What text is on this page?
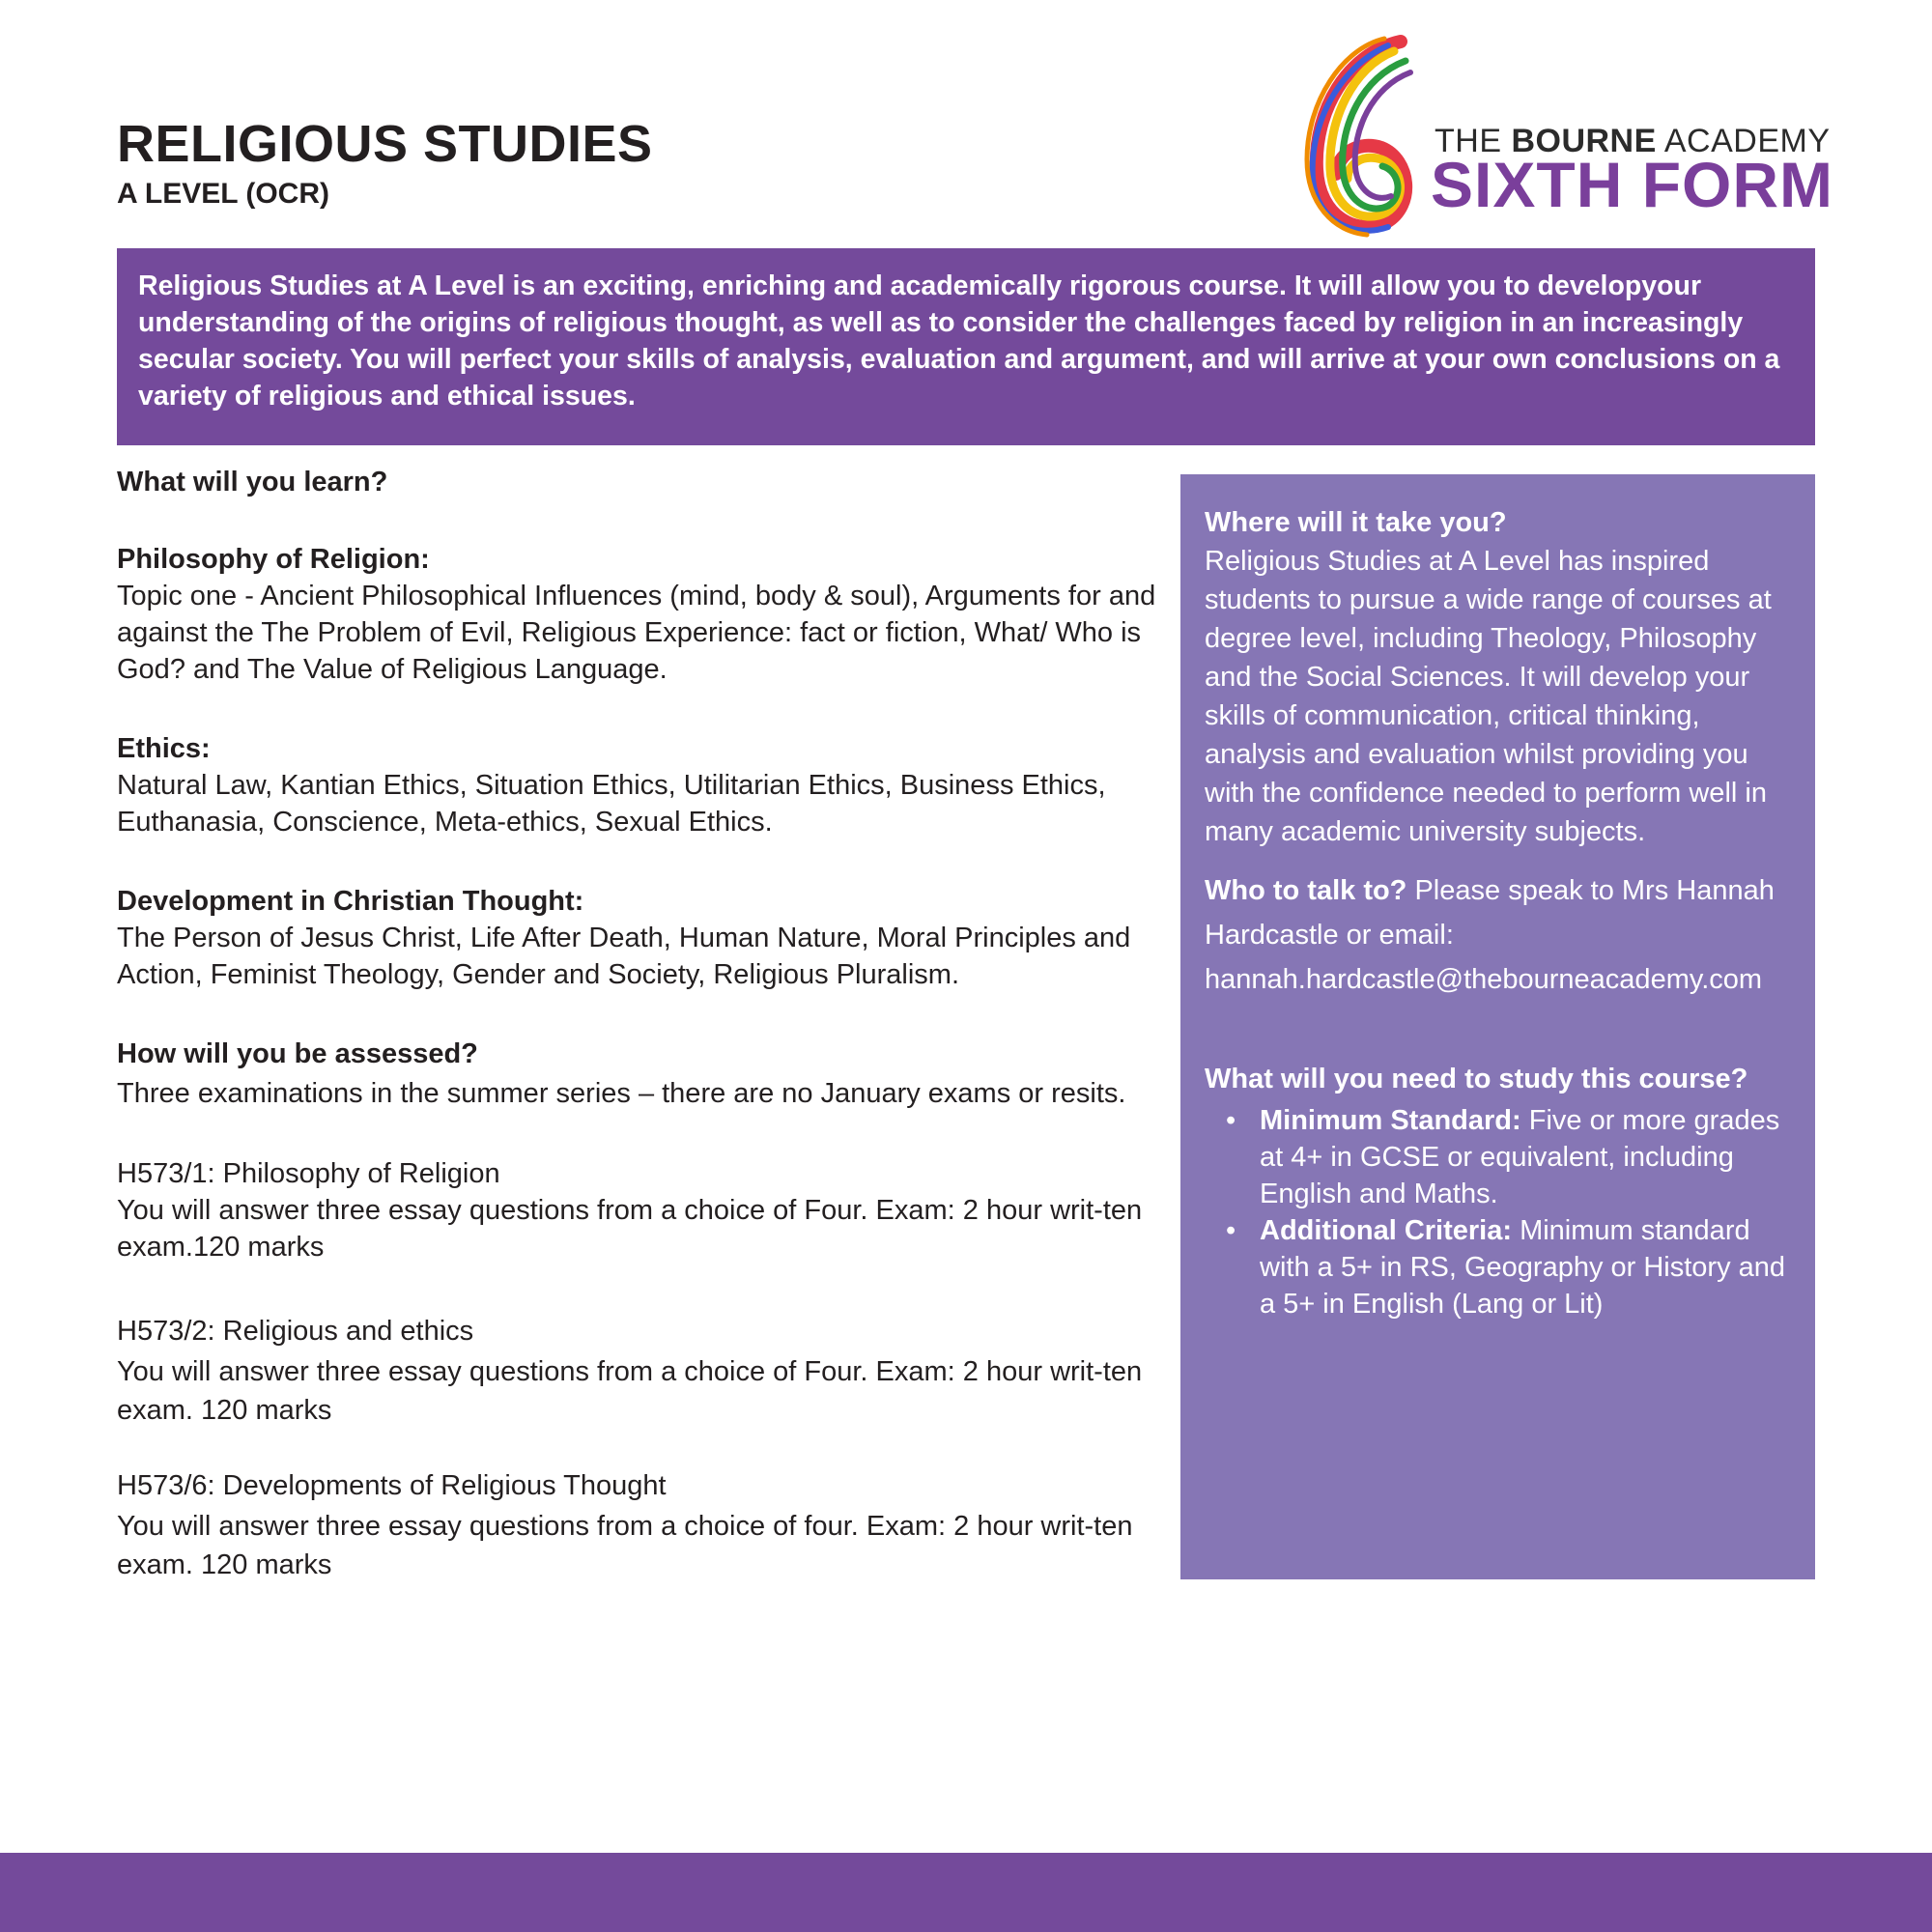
RELIGIOUS STUDIES
A LEVEL (OCR)
THE BOURNE ACADEMY
SIXTH FORM
Religious Studies at A Level is an exciting, enriching and academically rigorous course. It will allow you to developyour understanding of the origins of religious thought, as well as to consider the challenges faced by religion in an increasingly secular society. You will perfect your skills of analysis, evaluation and argument, and will arrive at your own conclusions on a variety of religious and ethical issues.

What will you learn?

Philosophy of Religion:

Topic one - Ancient Philosophical Influences (mind, body & soul), Arguments for and against the The Problem of Evil, Religious Experience: fact or fiction, What/ Who is God? and The Value of Religious Language.

Ethics:

Natural Law, Kantian Ethics, Situation Ethics, Utilitarian Ethics, Business Ethics, Euthanasia, Conscience, Meta-ethics, Sexual Ethics.

Development in Christian Thought:

The Person of Jesus Christ, Life After Death, Human Nature, Moral Principles and Action, Feminist Theology, Gender and Society, Religious Pluralism.

How will you be assessed?

Three examinations in the summer series – there are no January exams or resits.

H573/1: Philosophy of Religion

You will answer three essay questions from a choice of Four. Exam: 2 hour writ-ten exam.120 marks

H573/2: Religious and ethics

You will answer three essay questions from a choice of Four. Exam: 2 hour writ-ten exam. 120 marks

H573/6: Developments of Religious Thought

You will answer three essay questions from a choice of four. Exam: 2 hour writ-ten exam. 120 marks

Where will it take you?

Religious Studies at A Level has inspired students to pursue a wide range of courses at degree level, including Theology, Philosophy and the Social Sciences. It will develop your skills of communication, critical thinking, analysis and evaluation whilst providing you with the confidence needed to perform well in many academic university subjects.

Who to talk to? Please speak to Mrs Hannah Hardcastle or email:

hannah.hardcastle@thebourneacademy.com

What will you need to study this course?

• Minimum Standard: Five or more grades at 4+ in GCSE or equivalent, including English and Maths.
• Additional Criteria: Minimum standard with a 5+ in RS, Geography or History and a 5+ in English (Lang or Lit)
